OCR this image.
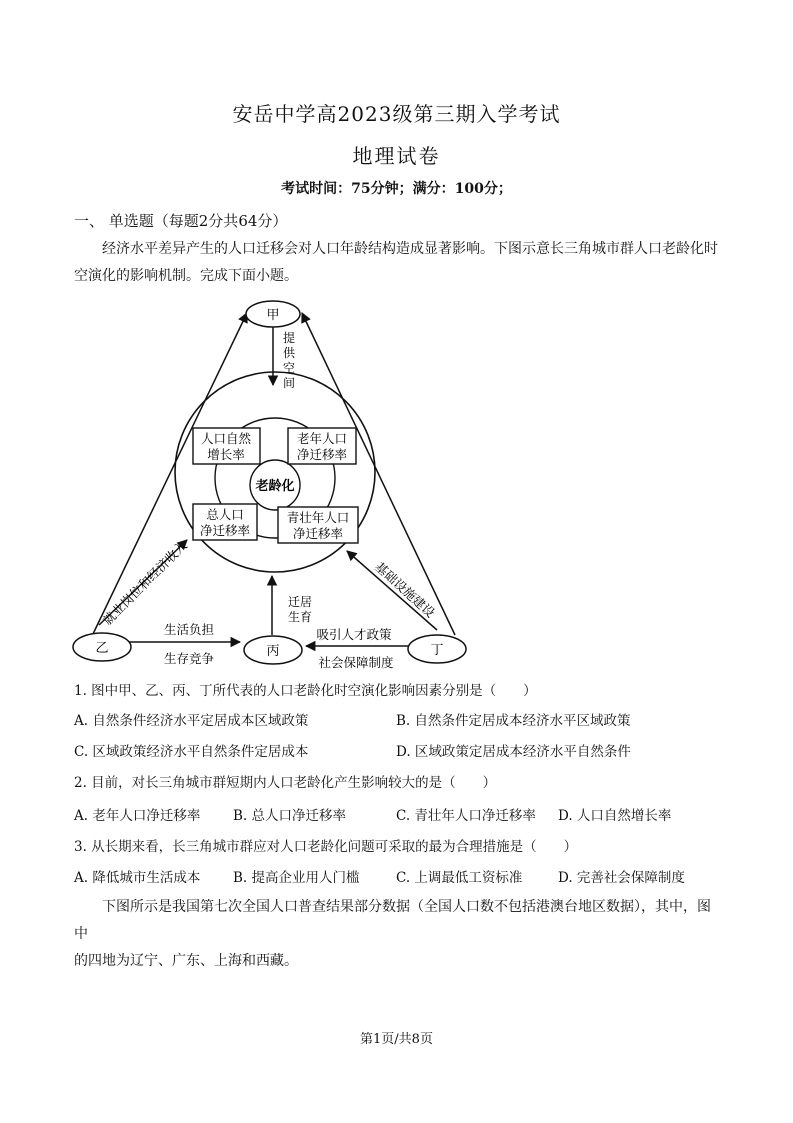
安岳中学高2023级第三期入学考试
地理试卷
考试时间：75分钟；满分：100分；
一、 单选题（每题2分共64分）
经济水平差异产生的人口迁移会对人口年龄结构造成显著影响。下图示意长三角城市群人口老龄化时
空演化的影响机制。完成下面小题。
老龄化
人口自然
增长率
老年人口
净迁移率
总人口
净迁移率
青壮年人口
净迁移率
提
供
空
间
迁居
生育
生活负担
生存竞争
吸引人才政策
社会保障制度
就业岗位和经济收入	基础设施建设
甲
乙	丙	丁
1. 图中甲、乙、丙、丁所代表的人口老龄化时空演化影响因素分别是（　　）
A. 自然条件经济水平定居成本区域政策	B. 自然条件定居成本经济水平区域政策
C. 区域政策经济水平自然条件定居成本	D. 区域政策定居成本经济水平自然条件
2. 目前，对长三角城市群短期内人口老龄化产生影响较大的是（　　）
A. 老年人口净迁移率 B. 总人口净迁移率	C. 青壮年人口净迁移率 D. 人口自然增长率
3. 从长期来看，长三角城市群应对人口老龄化问题可采取的最为合理措施是（　　）
A. 降低城市生活成本 B. 提高企业用人门槛	C. 上调最低工资标准	D. 完善社会保障制度
下图所示是我国第七次全国人口普查结果部分数据（全国人口数不包括港澳台地区数据），其中，图中
的四地为辽宁、广东、上海和西藏。
第1页/共8页
